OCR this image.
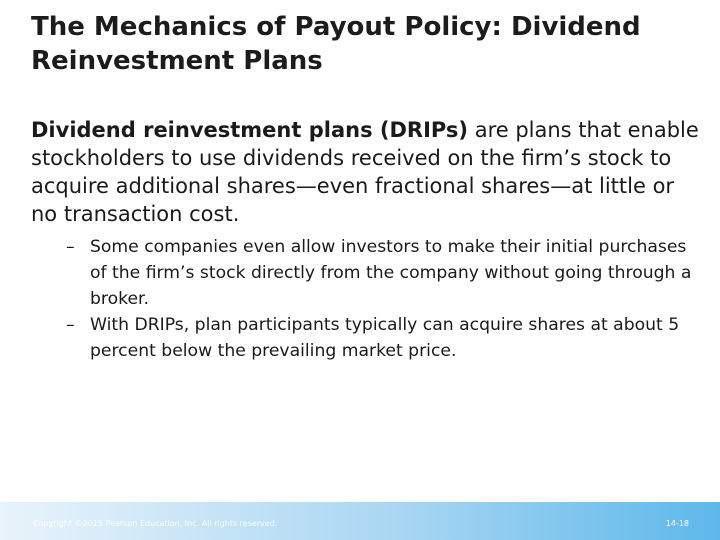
The Mechanics of Payout Policy: Dividend
Reinvestment Plans

Dividend reinvestment plans (DRIPs) are plans that enable stockholders to use dividends received on the firm’s stock to acquire additional shares—even fractional shares—at little or no transaction cost.

– Some companies even allow investors to make their initial purchases of the firm’s stock directly from the company without going through a broker.
– With DRIPs, plan participants typically can acquire shares at about 5 percent below the prevailing market price.
Copyright ©2015 Pearson Education, Inc. All rights reserved.	14-18
